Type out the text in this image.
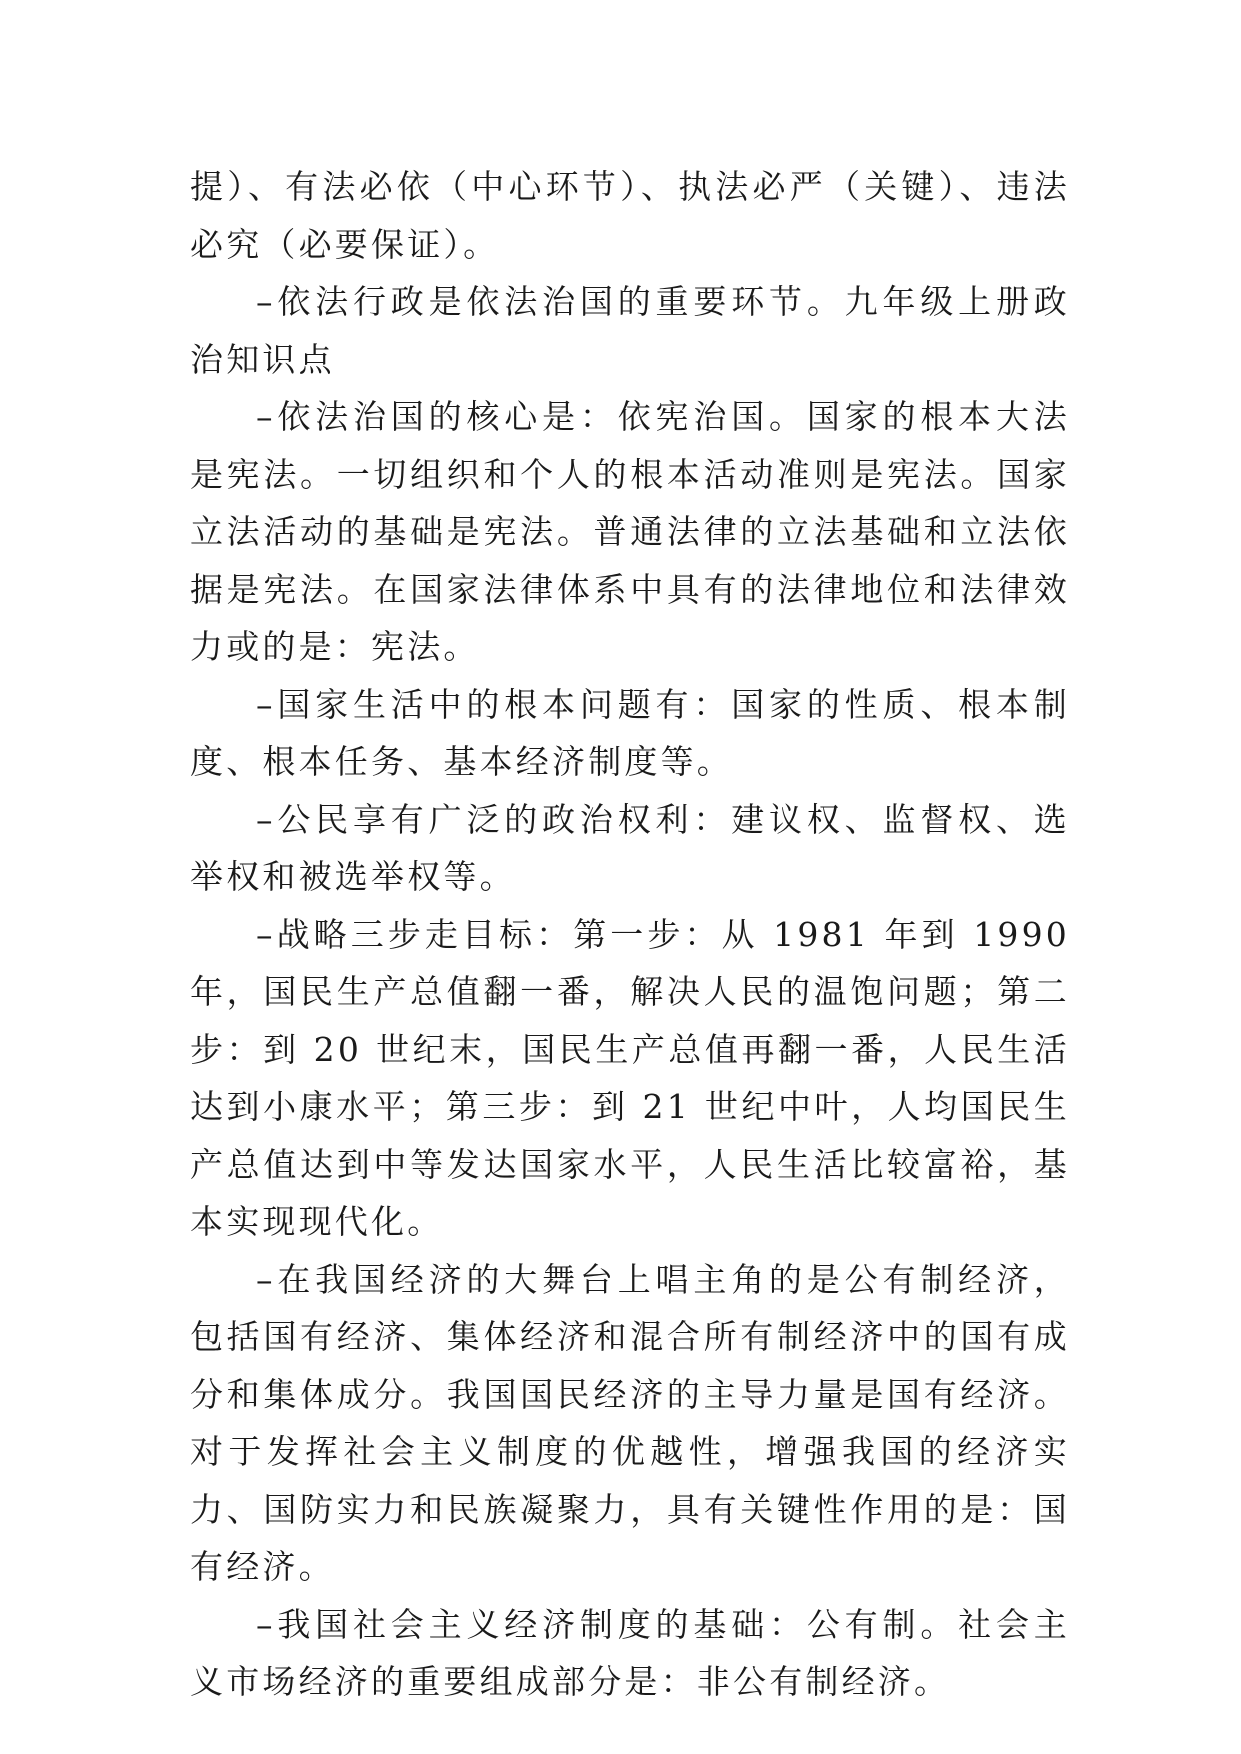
提）、有法必依（中心环节）、执法必严（关键）、违法必究（必要保证）。

–依法行政是依法治国的重要环节。九年级上册政治知识点

–依法治国的核心是：依宪治国。国家的根本大法是宪法。一切组织和个人的根本活动准则是宪法。国家立法活动的基础是宪法。普通法律的立法基础和立法依据是宪法。在国家法律体系中具有的法律地位和法律效力或的是：宪法。

–国家生活中的根本问题有：国家的性质、根本制度、根本任务、基本经济制度等。

–公民享有广泛的政治权利：建议权、监督权、选举权和被选举权等。

–战略三步走目标：第一步：从 1981 年到 1990 年，国民生产总值翻一番，解决人民的温饱问题；第二步：到 20 世纪末，国民生产总值再翻一番，人民生活达到小康水平；第三步：到 21 世纪中叶，人均国民生产总值达到中等发达国家水平，人民生活比较富裕，基本实现现代化。

–在我国经济的大舞台上唱主角的是公有制经济，包括国有经济、集体经济和混合所有制经济中的国有成分和集体成分。我国国民经济的主导力量是国有经济。对于发挥社会主义制度的优越性，增强我国的经济实力、国防实力和民族凝聚力，具有关键性作用的是：国有经济。

–我国社会主义经济制度的基础：公有制。社会主义市场经济的重要组成部分是：非公有制经济。
